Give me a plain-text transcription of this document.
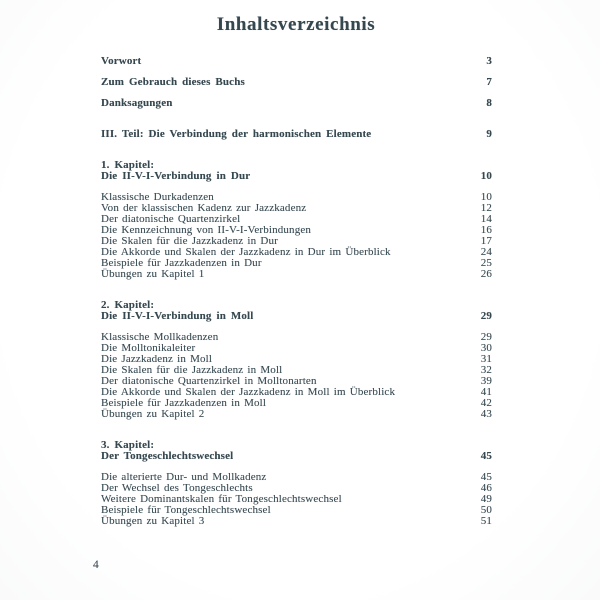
Inhaltsverzeichnis
Vorwort	3
Zum Gebrauch dieses Buchs	7
Danksagungen	8
III. Teil: Die Verbindung der harmonischen Elemente	9
1. Kapitel:
Die II-V-I-Verbindung in Dur	10
Klassische Durkadenzen	10
Von der klassischen Kadenz zur Jazzkadenz	12
Der diatonische Quartenzirkel	14
Die Kennzeichnung von II-V-I-Verbindungen	16
Die Skalen für die Jazzkadenz in Dur	17
Die Akkorde und Skalen der Jazzkadenz in Dur im Überblick	24
Beispiele für Jazzkadenzen in Dur	25
Übungen zu Kapitel 1	26
2. Kapitel:
Die II-V-I-Verbindung in Moll	29
Klassische Mollkadenzen	29
Die Molltonikaleiter	30
Die Jazzkadenz in Moll	31
Die Skalen für die Jazzkadenz in Moll	32
Der diatonische Quartenzirkel in Molltonarten	39
Die Akkorde und Skalen der Jazzkadenz in Moll im Überblick	41
Beispiele für Jazzkadenzen in Moll	42
Übungen zu Kapitel 2	43
3. Kapitel:
Der Tongeschlechtswechsel	45
Die alterierte Dur- und Mollkadenz	45
Der Wechsel des Tongeschlechts	46
Weitere Dominantskalen für Tongeschlechtswechsel	49
Beispiele für Tongeschlechtswechsel	50
Übungen zu Kapitel 3	51
4
